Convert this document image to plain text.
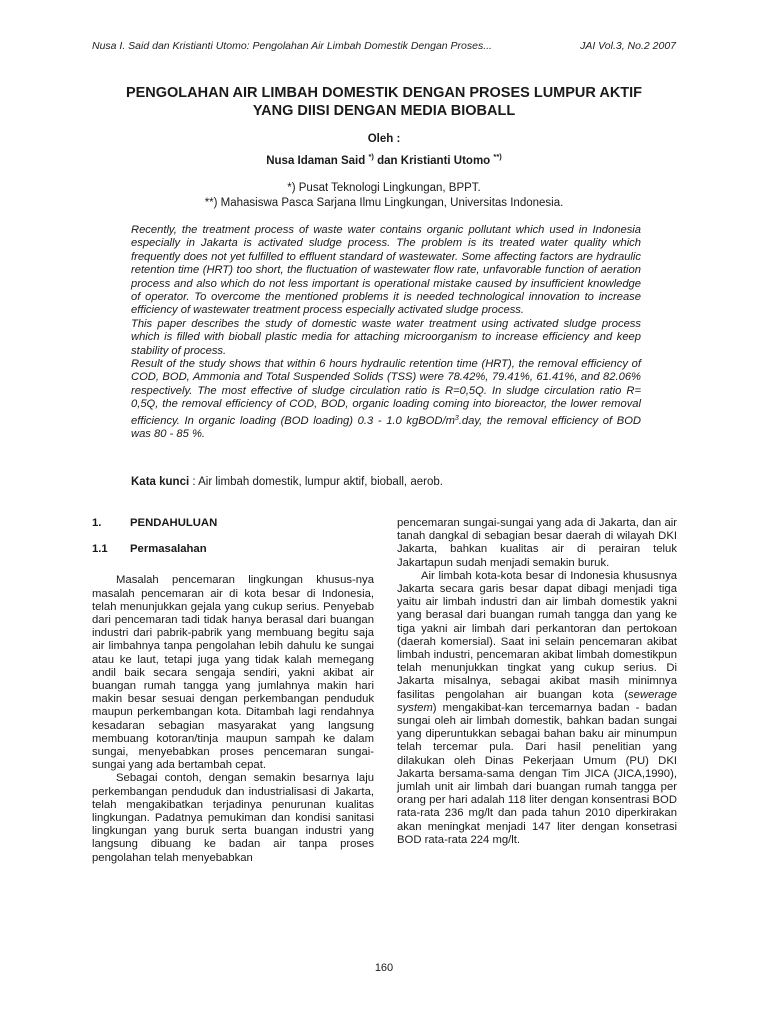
Nusa I. Said dan Kristianti Utomo: Pengolahan Air Limbah Domestik Dengan Proses...	JAI Vol.3, No.2 2007
PENGOLAHAN AIR LIMBAH DOMESTIK DENGAN PROSES LUMPUR AKTIF
YANG DIISI DENGAN MEDIA BIOBALL
Oleh :
Nusa Idaman Said *) dan Kristianti Utomo **)
*) Pusat Teknologi Lingkungan, BPPT.
**) Mahasiswa Pasca Sarjana Ilmu Lingkungan, Universitas Indonesia.

Recently, the treatment process of waste water contains organic pollutant which used in Indonesia especially in Jakarta is activated sludge process. The problem is its treated water quality which frequently does not yet fulfilled to effluent standard of wastewater. Some affecting factors are hydraulic retention time (HRT) too short, the fluctuation of wastewater flow rate, unfavorable function of aeration process and also which do not less important is operational mistake caused by insufficient knowledge of operator. To overcome the mentioned problems it is needed technological innovation to increase efficiency of wastewater treatment process especially activated sludge process.

This paper describes the study of domestic waste water treatment using activated sludge process which is filled with bioball plastic media for attaching microorganism to increase efficiency and keep stability of process.

Result of the study shows that within 6 hours hydraulic retention time (HRT), the removal efficiency of COD, BOD, Ammonia and Total Suspended Solids (TSS) were 78.42%, 79.41%, 61.41%, and 82.06% respectively. The most effective of sludge circulation ratio is R=0,5Q. In sludge circulation ratio R= 0,5Q, the removal efficiency of COD, BOD, organic loading coming into bioreactor, the lower removal efficiency. In organic loading (BOD loading) 0.3 - 1.0 kgBOD/$m^3.day$, the removal efficiency of BOD was 80 - 85 %.

Kata kunci : Air limbah domestik, lumpur aktif, bioball, aerob.
1.	PENDAHULUAN
1.1	Permasalahan

Masalah pencemaran lingkungan khusus-nya masalah pencemaran air di kota besar di Indonesia, telah menunjukkan gejala yang cukup serius. Penyebab dari pencemaran tadi tidak hanya berasal dari buangan industri dari pabrik-pabrik yang membuang begitu saja air limbahnya tanpa pengolahan lebih dahulu ke sungai atau ke laut, tetapi juga yang tidak kalah memegang andil baik secara sengaja sendiri, yakni akibat air buangan rumah tangga yang jumlahnya makin hari makin besar sesuai dengan perkembangan penduduk maupun perkembangan kota. Ditambah lagi rendahnya kesadaran sebagian masyarakat yang langsung membuang kotoran/tinja maupun sampah ke dalam sungai, menyebabkan proses pencemaran sungai-sungai yang ada bertambah cepat.

Sebagai contoh, dengan semakin besarnya laju perkembangan penduduk dan industrialisasi di Jakarta, telah mengakibatkan terjadinya penurunan kualitas lingkungan. Padatnya pemukiman dan kondisi sanitasi lingkungan yang buruk serta buangan industri yang langsung dibuang ke badan air tanpa proses pengolahan telah menyebabkan

pencemaran sungai-sungai yang ada di Jakarta, dan air tanah dangkal di sebagian besar daerah di wilayah DKI Jakarta, bahkan kualitas air di perairan teluk Jakartapun sudah menjadi semakin buruk.

Air limbah kota-kota besar di Indonesia khususnya Jakarta secara garis besar dapat dibagi menjadi tiga yaitu air limbah industri dan air limbah domestik yakni yang berasal dari buangan rumah tangga dan yang ke tiga yakni air limbah dari perkantoran dan pertokoan (daerah komersial). Saat ini selain pencemaran akibat limbah industri, pencemaran akibat limbah domestikpun telah menunjukkan tingkat yang cukup serius. Di Jakarta misalnya, sebagai akibat masih minimnya fasilitas pengolahan air buangan kota (sewerage system) mengakibat-kan tercemarnya badan - badan sungai oleh air limbah domestik, bahkan badan sungai yang diperuntukkan sebagai bahan baku air minumpun telah tercemar pula. Dari hasil penelitian yang dilakukan oleh Dinas Pekerjaan Umum (PU) DKI Jakarta bersama-sama dengan Tim JICA (JICA,1990), jumlah unit air limbah dari buangan rumah tangga per orang per hari adalah 118 liter dengan konsentrasi BOD rata-rata 236 mg/lt dan pada tahun 2010 diperkirakan akan meningkat menjadi 147 liter dengan konsetrasi BOD rata-rata 224 mg/lt.

160
